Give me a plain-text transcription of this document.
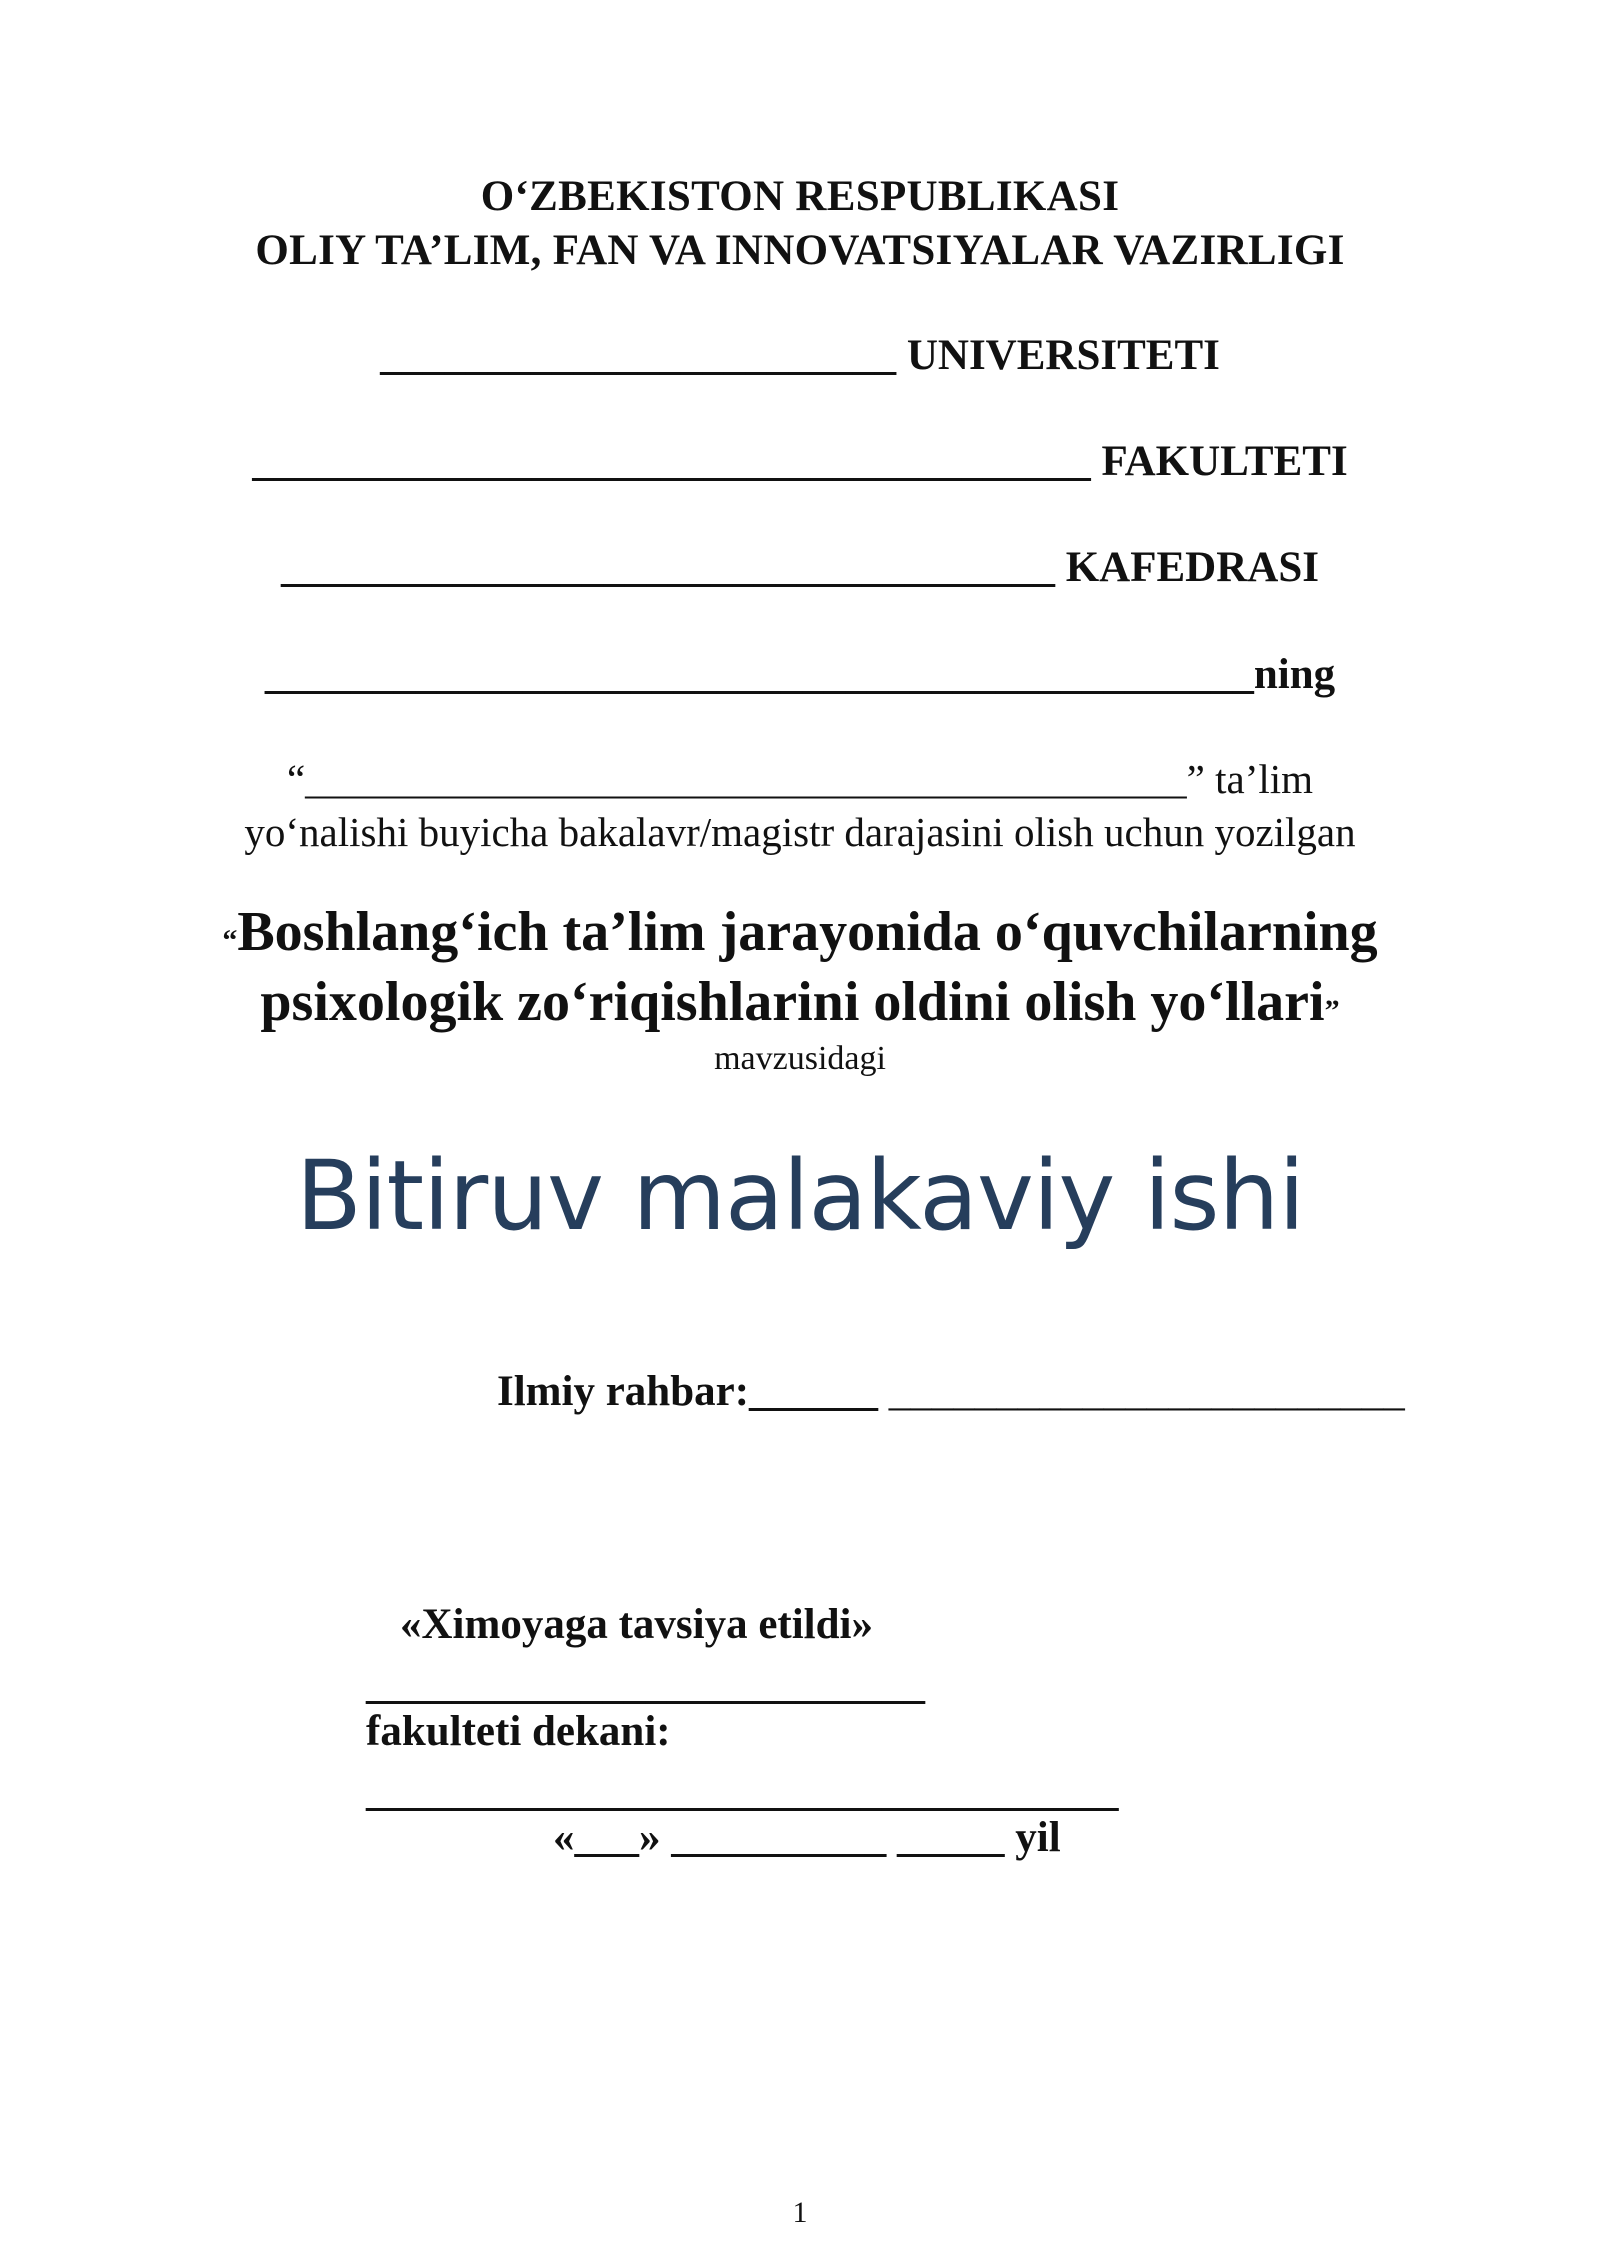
O‘ZBEKISTON RESPUBLIKASI
OLIY TA’LIM, FAN VA INNOVATSIYALAR VAZIRLIGI
________________________ UNIVERSITETI
_______________________________________ FAKULTETI
____________________________________ KAFEDRASI
______________________________________________ning
“___________________________________________” ta’lim
yo‘nalishi buyicha bakalavr/magistr darajasini olish uchun yozilgan
“Boshlang‘ich ta’lim jarayonida o‘quvchilarning
psixologik zo‘riqishlarini oldini olish yo‘llari”
mavzusidagi
Bitiruv malakaviy ishi
Ilmiy rahbar:______ ________________________
«Ximoyaga tavsiya etildi»
__________________________
fakulteti dekani:
___________________________________
«___» __________ _____ yil
1
